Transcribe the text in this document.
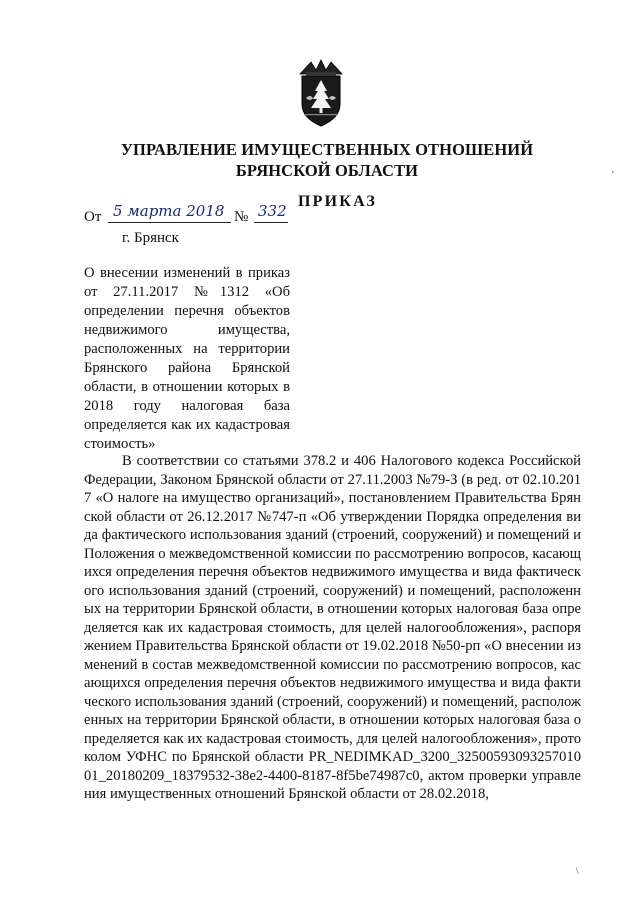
УПРАВЛЕНИЕ ИМУЩЕСТВЕННЫХ ОТНОШЕНИЙ
БРЯНСКОЙ ОБЛАСТИ	'
ПРИКАЗ
От 5 марта 2018 № 332
г. Брянск
О внесении изменений в приказ от 27.11.2017 №1312 «Об определении перечня объектов недвижимого имущества, расположенных на территории Брянского района Брянской области, в отношении которых в 2018 году налоговая база определяется как их кадастровая стоимость»
В соответствии со статьями 378.2 и 406 Налогового кодекса Российской Федерации, Законом Брянской области от 27.11.2003 №79-З (в ред. от 02.10.2017 «О налоге на имущество организаций», постановлением Правительства Брянской области от 26.12.2017 №747-п «Об утверждении Порядка определения вида фактического использования зданий (строений, сооружений) и помещений и Положения о межведомственной комиссии по рассмотрению вопросов, касающихся определения перечня объектов недвижимого имущества и вида фактического использования зданий (строений, сооружений) и помещений, расположенных на территории Брянской области, в отношении которых налоговая база определяется как их кадастровая стоимость, для целей налогообложения», распоряжением Правительства Брянской области от 19.02.2018 №50-рп «О внесении изменений в состав межведомственной комиссии по рассмотрению вопросов, касающихся определения перечня объектов недвижимого имущества и вида фактического использования зданий (строений, сооружений) и помещений, расположенных на территории Брянской области, в отношении которых налоговая база определяется как их кадастровая стоимость, для целей налогообложения», протоколом УФНС по Брянской области PR_NEDIMKAD_3200_3250059309325701001_20180209_18379532-38e2-4400-8187-8f5be74987c0, актом проверки управления имущественных отношений Брянской области от 28.02.2018,
\
